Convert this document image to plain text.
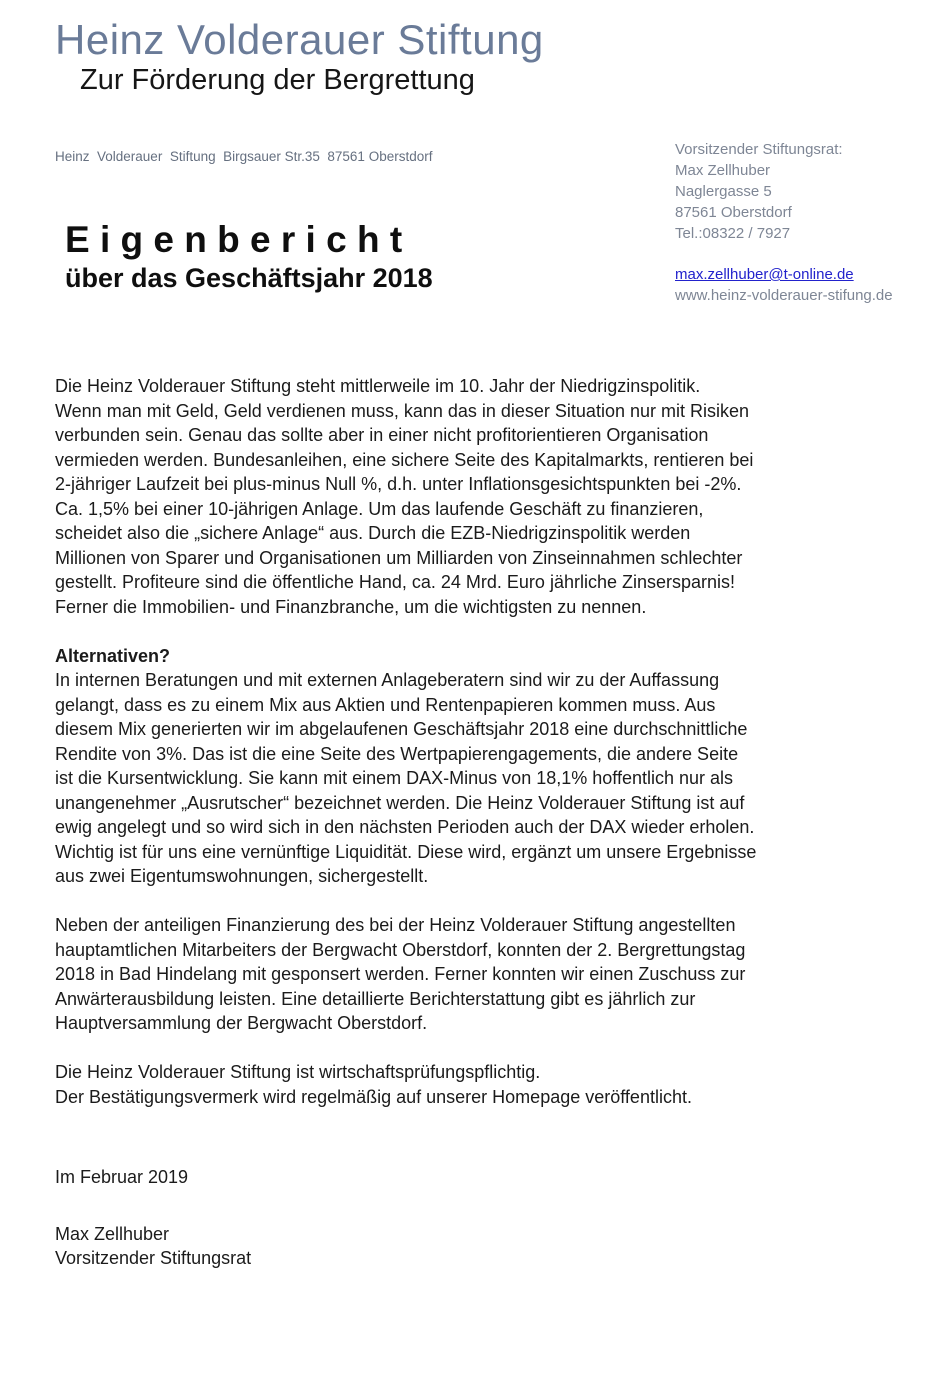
Heinz Volderauer Stiftung
Zur Förderung der Bergrettung
Heinz  Volderauer  Stiftung  Birgsauer Str.35  87561 Oberstdorf	Vorsitzender Stiftungsrat:
Max Zellhuber
Naglergasse 5
87561 Oberstdorf
Tel.:08322 / 7927
max.zellhuber@t-online.de
www.heinz-volderauer-stifung.de
E i g e n b e r i c h t
über das Geschäftsjahr 2018
Die Heinz Volderauer Stiftung steht mittlerweile im 10. Jahr der Niedrigzinspolitik.
Wenn man mit Geld, Geld verdienen muss, kann das in dieser Situation nur mit Risiken
verbunden sein. Genau das sollte aber in einer nicht profitorientieren Organisation
vermieden werden. Bundesanleihen, eine sichere Seite des Kapitalmarkts, rentieren bei
2-jähriger Laufzeit bei plus-minus Null %, d.h. unter Inflationsgesichtspunkten bei -2%.
Ca. 1,5% bei einer 10-jährigen Anlage. Um das laufende Geschäft zu finanzieren,
scheidet also die „sichere Anlage“ aus. Durch die EZB-Niedrigzinspolitik werden
Millionen von Sparer und Organisationen um Milliarden von Zinseinnahmen schlechter
gestellt. Profiteure sind die öffentliche Hand, ca. 24 Mrd. Euro jährliche Zinsersparnis!
Ferner die Immobilien- und Finanzbranche, um die wichtigsten zu nennen.
Alternativen?
In internen Beratungen und mit externen Anlageberatern sind wir zu der Auffassung
gelangt, dass es zu einem Mix aus Aktien und Rentenpapieren kommen muss. Aus
diesem Mix generierten wir im abgelaufenen Geschäftsjahr 2018 eine durchschnittliche
Rendite von 3%. Das ist die eine Seite des Wertpapierengagements, die andere Seite
ist die Kursentwicklung. Sie kann mit einem DAX-Minus von 18,1% hoffentlich nur als
unangenehmer „Ausrutscher“ bezeichnet werden. Die Heinz Volderauer Stiftung ist auf
ewig angelegt und so wird sich in den nächsten Perioden auch der DAX wieder erholen.
Wichtig ist für uns eine vernünftige Liquidität. Diese wird, ergänzt um unsere Ergebnisse
aus zwei Eigentumswohnungen, sichergestellt.
Neben der anteiligen Finanzierung des bei der Heinz Volderauer Stiftung angestellten
hauptamtlichen Mitarbeiters der Bergwacht Oberstdorf, konnten der 2. Bergrettungstag
2018 in Bad Hindelang mit gesponsert werden. Ferner konnten wir einen Zuschuss zur
Anwärterausbildung leisten. Eine detaillierte Berichterstattung gibt es jährlich zur
Hauptversammlung der Bergwacht Oberstdorf.
Die Heinz Volderauer Stiftung ist wirtschaftsprüfungspflichtig.
Der Bestätigungsvermerk wird regelmäßig auf unserer Homepage veröffentlicht.
Im Februar 2019
Max Zellhuber
Vorsitzender Stiftungsrat
